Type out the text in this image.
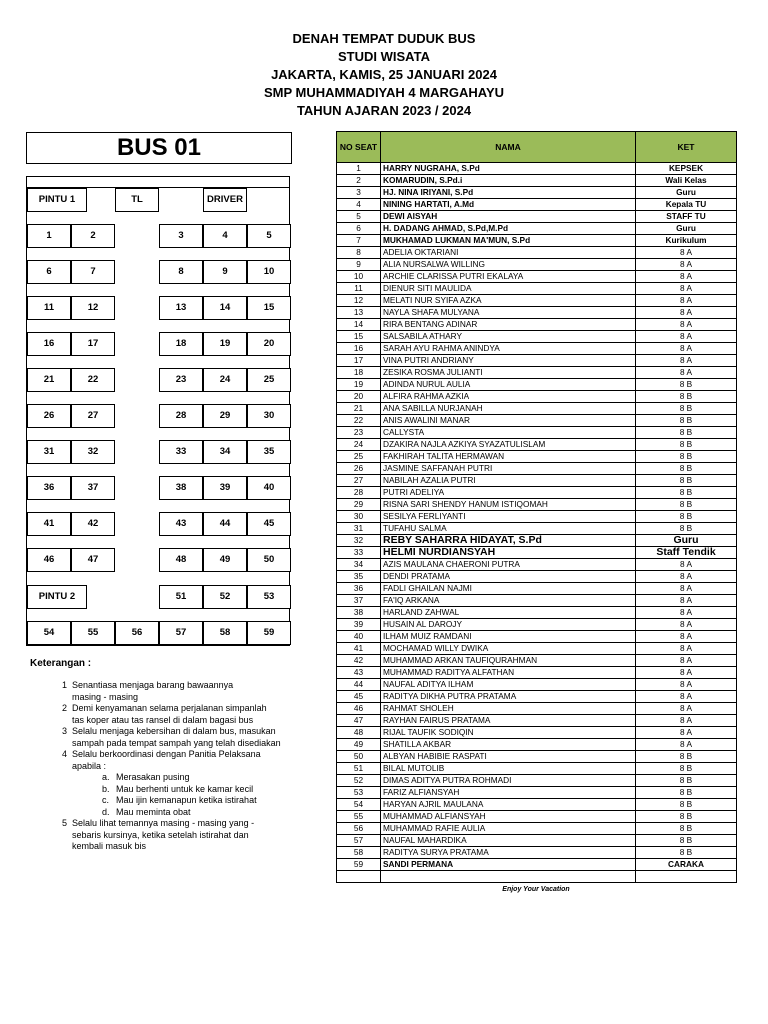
DENAH TEMPAT DUDUK BUS
STUDI WISATA
JAKARTA, KAMIS, 25 JANUARI 2024
SMP MUHAMMADIYAH 4 MARGAHAYU
TAHUN AJARAN 2023 / 2024
BUS 01
PINTU 1	TL	DRIVER
PINTU 2
1	2	3	4	5
6	7	8	9	10
11	12	13	14	15
16	17	18	19	20
21	22	23	24	25
26	27	28	29	30
31	32	33	34	35
36	37	38	39	40
41	42	43	44	45
46	47	48	49	50
51	52	53
54	55	56	57	58	59
Keterangan :
1 Senantiasa menjaga barang bawaannya
masing - masing
2 Demi kenyamanan selama perjalanan simpanlah
tas koper atau tas ransel di dalam bagasi bus
3 Selalu menjaga kebersihan di dalam bus, masukan
sampah pada tempat sampah yang telah disediakan
4 Selalu berkoordinasi dengan Panitia Pelaksana
apabila :
a. Merasakan pusing
b. Mau berhenti untuk ke kamar kecil
c. Mau ijin kemanapun ketika istirahat
d. Mau meminta obat
5 Selalu lihat temannya masing - masing yang -
sebaris kursinya, ketika setelah istirahat dan
kembali masuk bis
NO SEAT	NAMA	KET
1	HARRY NUGRAHA, S.Pd	KEPSEK
2	KOMARUDIN, S.Pd.i	Wali Kelas
3	HJ. NINA IRIYANI, S.Pd	Guru
4	NINING HARTATI, A.Md	Kepala TU
5	DEWI AISYAH	STAFF TU
6	H. DADANG AHMAD, S.Pd,M.Pd	Guru
7	MUKHAMAD LUKMAN MA'MUN, S.Pd	Kurikulum
8	ADELIA OKTARIANI	8 A
9	ALIA NURSALWA WILLING	8 A
10	ARCHIE CLARISSA PUTRI EKALAYA	8 A
11	DIENUR SITI MAULIDA	8 A
12	MELATI NUR SYIFA AZKA	8 A
13	NAYLA SHAFA MULYANA	8 A
14	RIRA BENTANG ADINAR	8 A
15	SALSABILA ATHARY	8 A
16	SARAH AYU RAHMA ANINDYA	8 A
17	VINA PUTRI ANDRIANY	8 A
18	ZESIKA ROSMA JULIANTI	8 A
19	ADINDA NURUL AULIA	8 B
20	ALFIRA RAHMA AZKIA	8 B
21	ANA SABILLA NURJANAH	8 B
22	ANIS AWALINI MANAR	8 B
23	CALLYSTA	8 B
24	DZAKIRA NAJLA AZKIYA SYAZATULISLAM	8 B
25	FAKHIRAH TALITA HERMAWAN	8 B
26	JASMINE SAFFANAH PUTRI	8 B
27	NABILAH AZALIA PUTRI	8 B
28	PUTRI ADELIYA	8 B
29	RISNA SARI SHENDY HANUM ISTIQOMAH	8 B
30	SESILYA FERLIYANTI	8 B
31	TUFAHU SALMA	8 B
32	REBY SAHARRA HIDAYAT, S.Pd	Guru
33	HELMI NURDIANSYAH	Staff Tendik
34	AZIS MAULANA CHAERONI PUTRA	8 A
35	DENDI PRATAMA	8 A
36	FADLI GHAILAN NAJMI	8 A
37	FA'IQ ARKANA	8 A
38	HARLAND ZAHWAL	8 A
39	HUSAIN AL DAROJY	8 A
40	ILHAM MUIZ RAMDANI	8 A
41	MOCHAMAD WILLY DWIKA	8 A
42	MUHAMMAD ARKAN TAUFIQURAHMAN	8 A
43	MUHAMMAD RADITYA ALFATHAN	8 A
44	NAUFAL ADITYA ILHAM	8 A
45	RADITYA DIKHA PUTRA PRATAMA	8 A
46	RAHMAT SHOLEH	8 A
47	RAYHAN FAIRUS PRATAMA	8 A
48	RIJAL TAUFIK SODIQIN	8 A
49	SHATILLA AKBAR	8 A
50	ALBYAN HABIBIE RASPATI	8 B
51	BILAL MUTOLIB	8 B
52	DIMAS ADITYA PUTRA ROHMADI	8 B
53	FARIZ ALFIANSYAH	8 B
54	HARYAN AJRIL MAULANA	8 B
55	MUHAMMAD ALFIANSYAH	8 B
56	MUHAMMAD RAFIE AULIA	8 B
57	NAUFAL MAHARDIKA	8 B
58	RADITYA SURYA PRATAMA	8 B
59	SANDI PERMANA	CARAKA

Enjoy Your Vacation
